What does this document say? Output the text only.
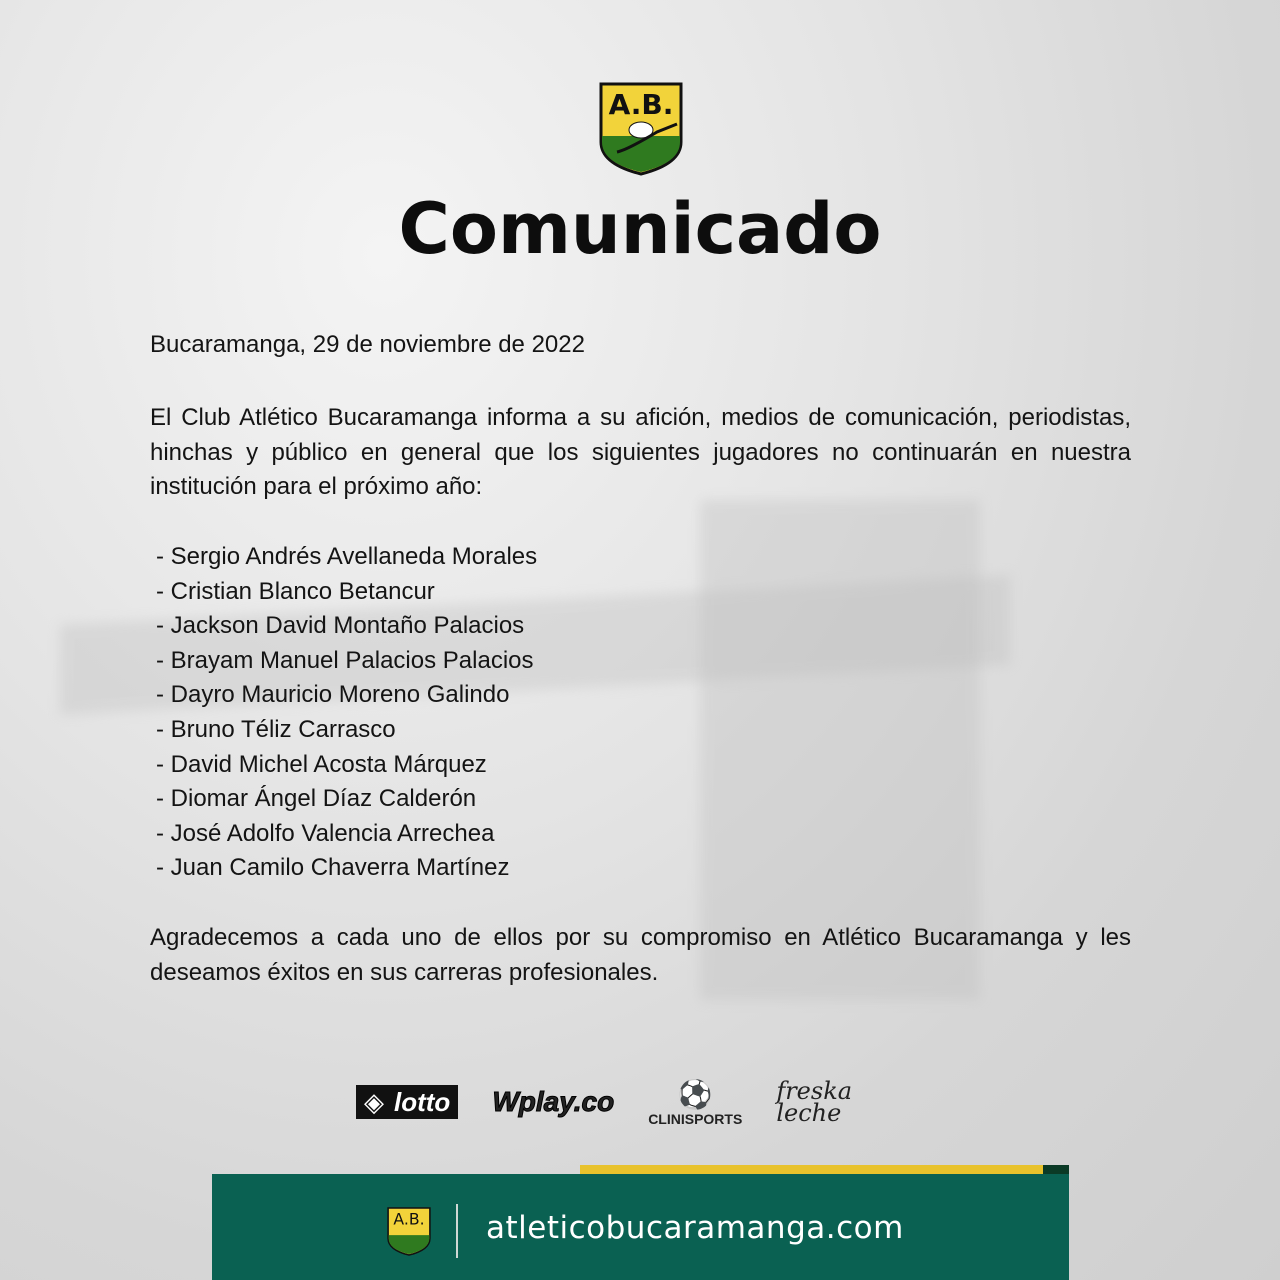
A.B.
Comunicado
Bucaramanga, 29 de noviembre de 2022
El Club Atlético Bucaramanga informa a su afición, medios de comunicación, periodistas, hinchas y público en general que los siguientes jugadores no continuarán en nuestra institución para el próximo año:
- Sergio Andrés Avellaneda Morales
- Cristian Blanco Betancur
- Jackson David Montaño Palacios
- Brayam Manuel Palacios Palacios
- Dayro Mauricio Moreno Galindo
- Bruno Téliz Carrasco
- David Michel Acosta Márquez
- Diomar Ángel Díaz Calderón
- José Adolfo Valencia Arrechea
- Juan Camilo Chaverra Martínez
Agradecemos a cada uno de ellos por su compromiso en Atlético Bucaramanga y les deseamos éxitos en sus carreras profesionales.
◈ lotto Wplay.co	⚽
CLINISPORTS
freska leche
A.B. atleticobucaramanga.com
